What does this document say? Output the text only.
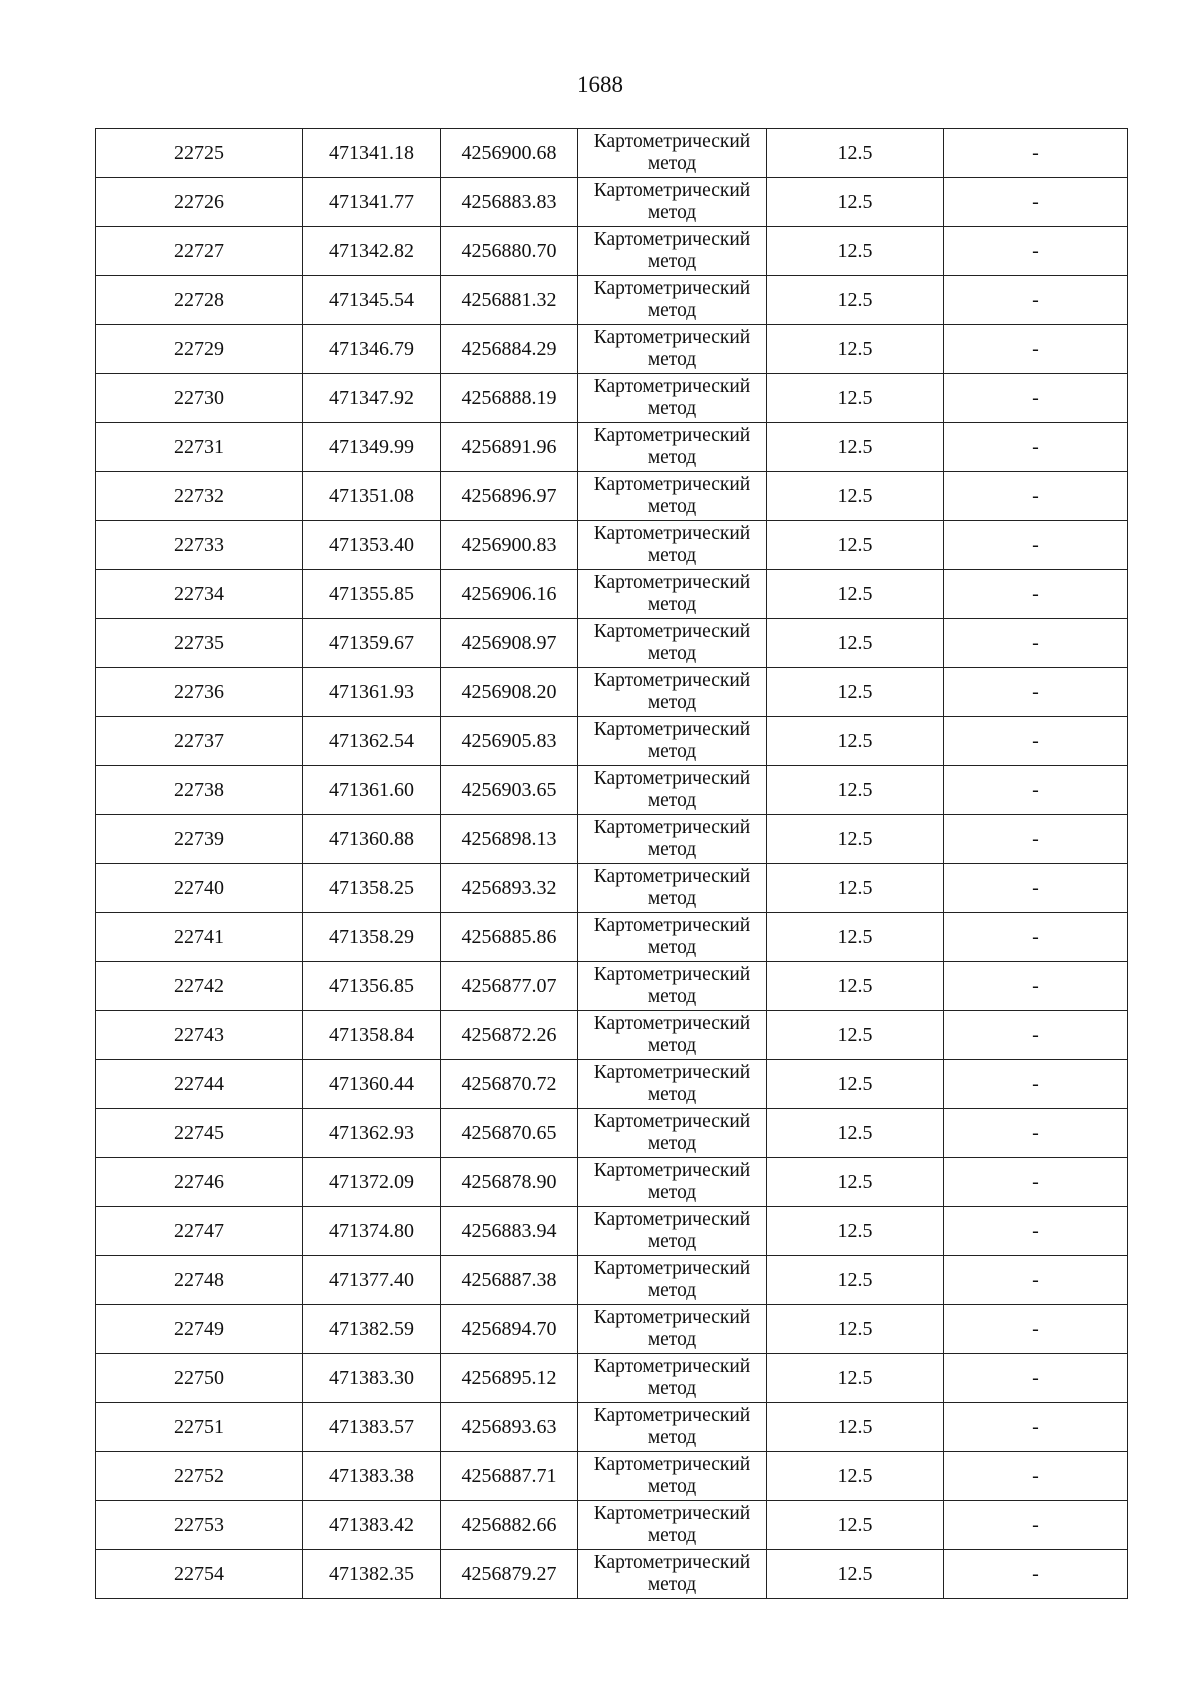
1688
22725	471341.18	4256900.68	Картометрический метод	12.5	-
22726	471341.77	4256883.83	Картометрический метод	12.5	-
22727	471342.82	4256880.70	Картометрический метод	12.5	-
22728	471345.54	4256881.32	Картометрический метод	12.5	-
22729	471346.79	4256884.29	Картометрический метод	12.5	-
22730	471347.92	4256888.19	Картометрический метод	12.5	-
22731	471349.99	4256891.96	Картометрический метод	12.5	-
22732	471351.08	4256896.97	Картометрический метод	12.5	-
22733	471353.40	4256900.83	Картометрический метод	12.5	-
22734	471355.85	4256906.16	Картометрический метод	12.5	-
22735	471359.67	4256908.97	Картометрический метод	12.5	-
22736	471361.93	4256908.20	Картометрический метод	12.5	-
22737	471362.54	4256905.83	Картометрический метод	12.5	-
22738	471361.60	4256903.65	Картометрический метод	12.5	-
22739	471360.88	4256898.13	Картометрический метод	12.5	-
22740	471358.25	4256893.32	Картометрический метод	12.5	-
22741	471358.29	4256885.86	Картометрический метод	12.5	-
22742	471356.85	4256877.07	Картометрический метод	12.5	-
22743	471358.84	4256872.26	Картометрический метод	12.5	-
22744	471360.44	4256870.72	Картометрический метод	12.5	-
22745	471362.93	4256870.65	Картометрический метод	12.5	-
22746	471372.09	4256878.90	Картометрический метод	12.5	-
22747	471374.80	4256883.94	Картометрический метод	12.5	-
22748	471377.40	4256887.38	Картометрический метод	12.5	-
22749	471382.59	4256894.70	Картометрический метод	12.5	-
22750	471383.30	4256895.12	Картометрический метод	12.5	-
22751	471383.57	4256893.63	Картометрический метод	12.5	-
22752	471383.38	4256887.71	Картометрический метод	12.5	-
22753	471383.42	4256882.66	Картометрический метод	12.5	-
22754	471382.35	4256879.27	Картометрический метод	12.5	-
